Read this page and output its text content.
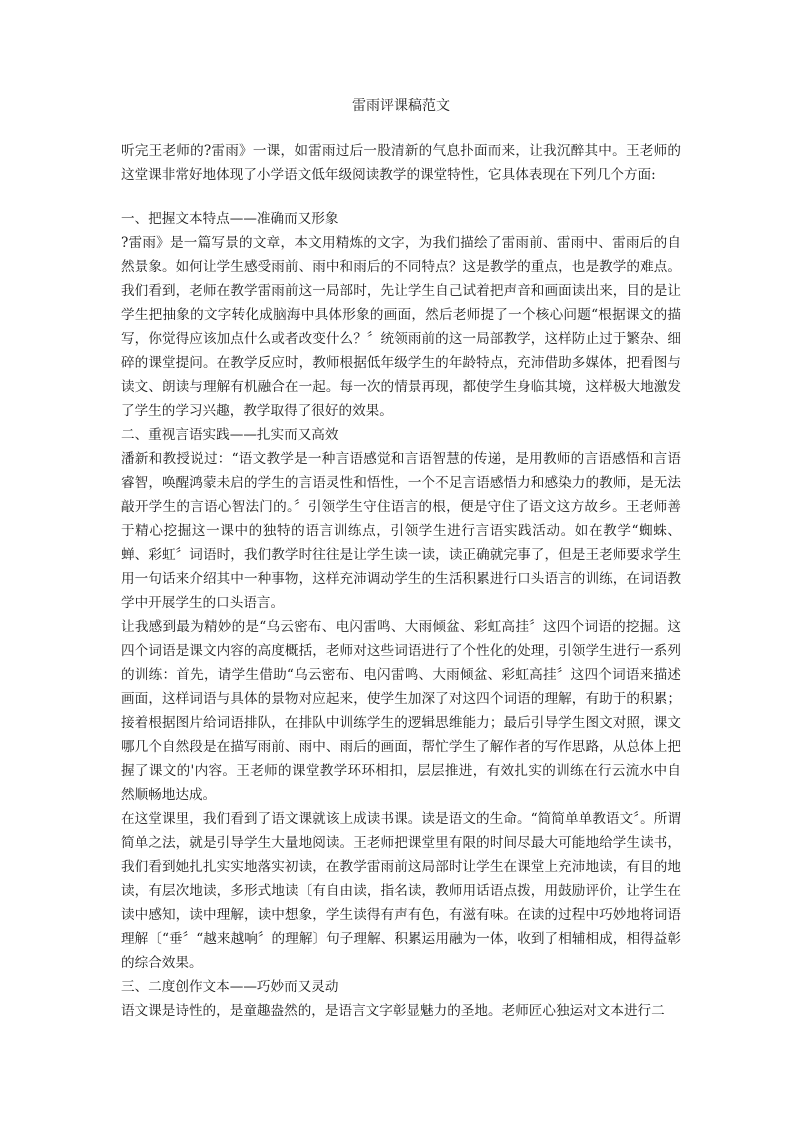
雷雨评课稿范文

听完王老师的?雷雨》一课，如雷雨过后一股清新的气息扑面而来，让我沉醉其中。王老师的这堂课非常好地体现了小学语文低年级阅读教学的课堂特性，它具体表现在下列几个方面:

一、把握文本特点——准确而又形象

?雷雨》是一篇写景的文章，本文用精炼的文字，为我们描绘了雷雨前、雷雨中、雷雨后的自然景象。如何让学生感受雨前、雨中和雨后的不同特点？这是教学的重点，也是教学的难点。我们看到，老师在教学雷雨前这一局部时，先让学生自己试着把声音和画面读出来，目的是让学生把抽象的文字转化成脑海中具体形象的画面，然后老师提了一个核心问题“根据课文的描写，你觉得应该加点什么或者改变什么？〞统领雨前的这一局部教学，这样防止过于繁杂、细碎的课堂提问。在教学反应时，教师根据低年级学生的年龄特点，充沛借助多媒体，把看图与读文、朗读与理解有机融合在一起。每一次的情景再现，都使学生身临其境，这样极大地激发了学生的学习兴趣，教学取得了很好的效果。

二、重视言语实践——扎实而又高效

潘新和教授说过：“语文教学是一种言语感觉和言语智慧的传递，是用教师的言语感悟和言语睿智，唤醒鸿蒙未启的学生的言语灵性和悟性，一个不足言语感悟力和感染力的教师，是无法敲开学生的言语心智法门的。〞引领学生守住语言的根，便是守住了语文这方故乡。王老师善于精心挖掘这一课中的独特的语言训练点，引领学生进行言语实践活动。如在教学“蜘蛛、蝉、彩虹〞词语时，我们教学时往往是让学生读一读，读正确就完事了，但是王老师要求学生用一句话来介绍其中一种事物，这样充沛调动学生的生活积累进行口头语言的训练，在词语教学中开展学生的口头语言。

让我感到最为精妙的是“乌云密布、电闪雷鸣、大雨倾盆、彩虹高挂〞这四个词语的挖掘。这四个词语是课文内容的高度概括，老师对这些词语进行了个性化的处理，引领学生进行一系列的训练：首先，请学生借助“乌云密布、电闪雷鸣、大雨倾盆、彩虹高挂〞这四个词语来描述画面，这样词语与具体的景物对应起来，使学生加深了对这四个词语的理解，有助于的积累；接着根据图片给词语排队，在排队中训练学生的逻辑思维能力；最后引导学生图文对照，课文哪几个自然段是在描写雨前、雨中、雨后的画面，帮忙学生了解作者的写作思路，从总体上把握了课文的'内容。王老师的课堂教学环环相扣，层层推进，有效扎实的训练在行云流水中自然顺畅地达成。

在这堂课里，我们看到了语文课就该上成读书课。读是语文的生命。“简简单单教语文〞。所谓简单之法，就是引导学生大量地阅读。王老师把课堂里有限的时间尽最大可能地给学生读书，我们看到她扎扎实实地落实初读，在教学雷雨前这局部时让学生在课堂上充沛地读，有目的地读，有层次地读，多形式地读〔有自由读，指名读，教师用话语点拨，用鼓励评价，让学生在读中感知，读中理解，读中想象，学生读得有声有色，有滋有味。在读的过程中巧妙地将词语理解〔“垂〞“越来越响〞的理解〕句子理解、积累运用融为一体，收到了相辅相成，相得益彰的综合效果。

三、二度创作文本——巧妙而又灵动

语文课是诗性的，是童趣盎然的，是语言文字彰显魅力的圣地。老师匠心独运对文本进行二
